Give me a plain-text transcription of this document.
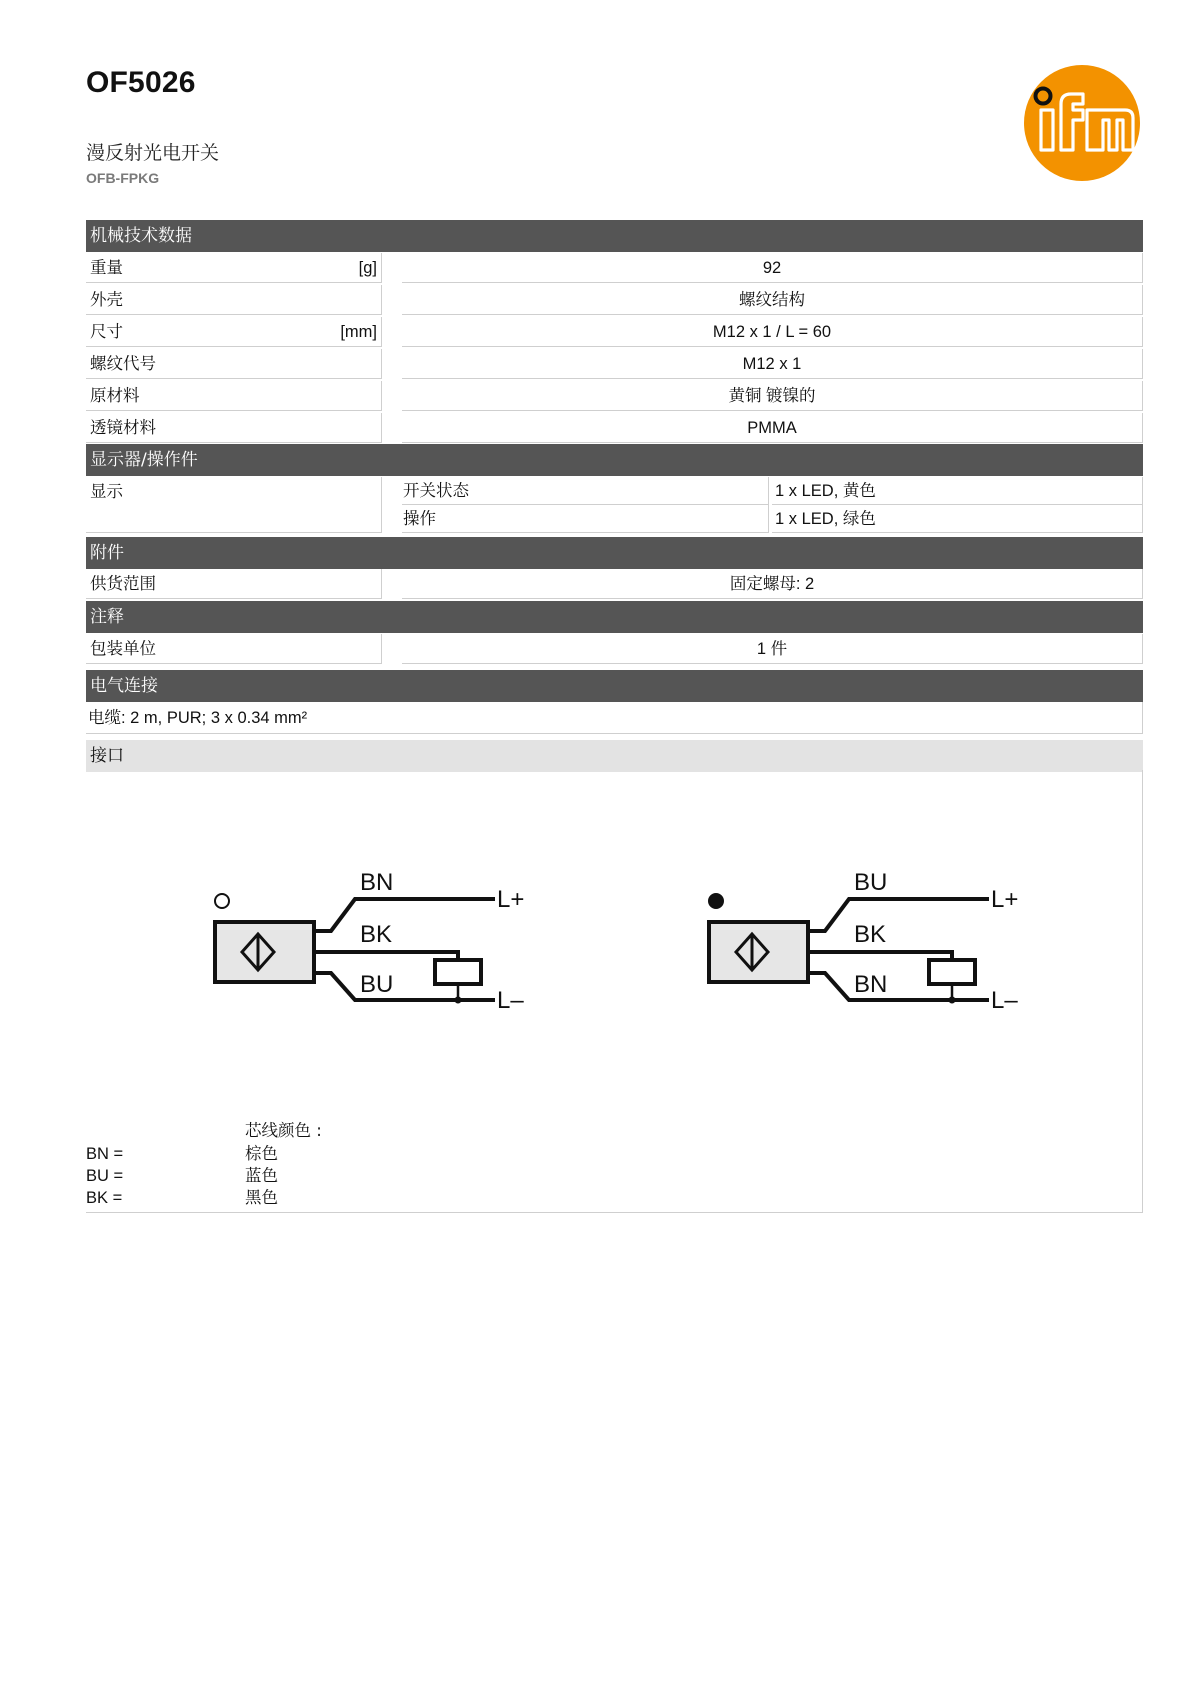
OF5026
漫反射光电开关
OFB-FPKG	ifm
机械技术数据
重量	[g]	92
外壳	螺纹结构
尺寸	[mm]	M12 x 1 / L = 60
螺纹代号	M12 x 1
原材料	黄铜 镀镍的
透镜材料	PMMA
显示器/操作件
显示	开关状态	1 x LED, 黄色
操作	1 x LED, 绿色
附件
供货范围	固定螺母: 2
注释
包装单位	1 件
电气连接
电缆: 2 m, PUR; 3 x 0.34 mm²
接口
BN
BK
BU
L+
L–
BU
BK
BN
L+
L–
芯线颜色 :
BN =	棕色
BU =	蓝色
BK =	黑色
